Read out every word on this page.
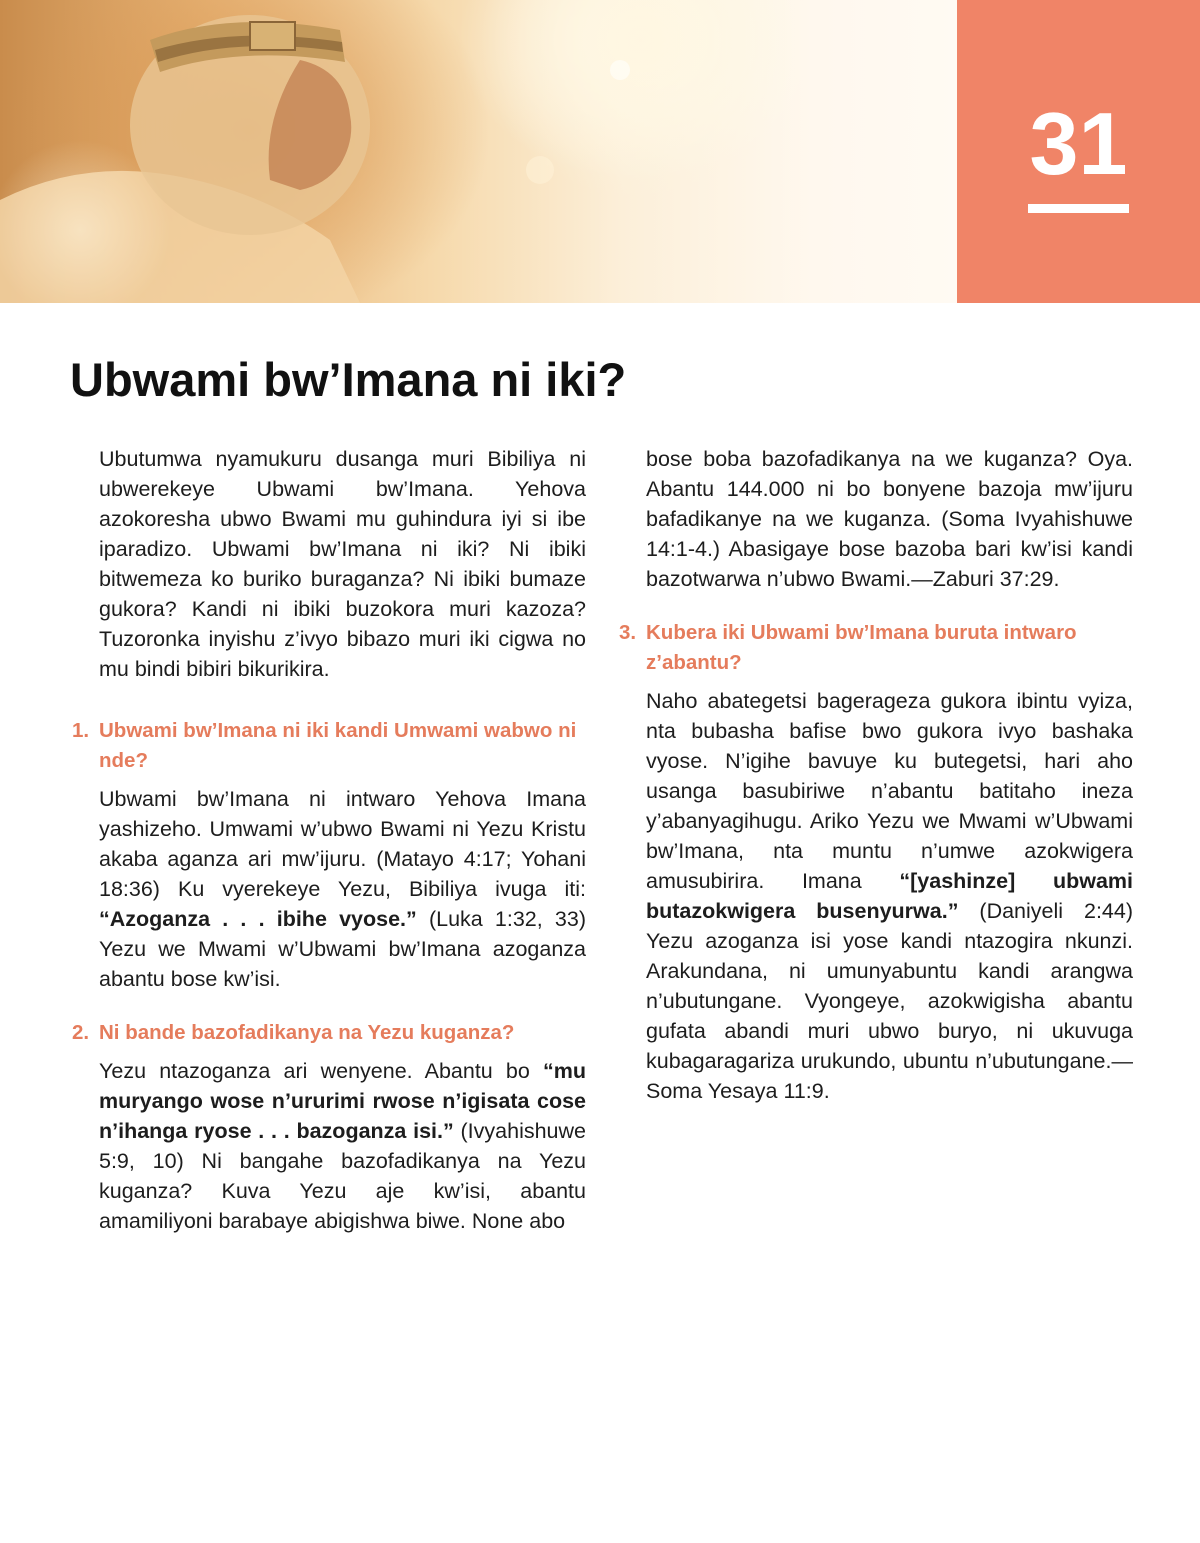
31
Ubwami bw’Imana ni iki?

Ubutumwa nyamukuru dusanga muri Bibiliya ni ubwerekeye Ubwami bw’Imana. Yehova azokoresha ubwo Bwami mu guhindura iyi si ibe iparadizo. Ubwami bw’Imana ni iki? Ni ibiki bitwemeza ko buriko buraganza? Ni ibiki bumaze gukora? Kandi ni ibiki buzokora muri kazoza? Tuzoronka inyishu z’ivyo bibazo muri iki cigwa no mu bindi bibiri bikurikira.

1. Ubwami bw’Imana ni iki kandi Umwami wabwo ni nde?

Ubwami bw’Imana ni intwaro Yehova Imana yashizeho. Umwami w’ubwo Bwami ni Yezu Kristu akaba aganza ari mw’ijuru. (Matayo 4:17; Yohani 18:36) Ku vyerekeye Yezu, Bibiliya ivuga iti: “Azoganza . . . ibihe vyose.” (Luka 1:32, 33) Yezu we Mwami w’Ubwami bw’Imana azoganza abantu bose kw’isi.

2. Ni bande bazofadikanya na Yezu kuganza?

Yezu ntazoganza ari wenyene. Abantu bo “mu muryango wose n’ururimi rwose n’igisata cose n’ihanga ryose . . . bazoganza isi.” (Ivyahishuwe 5:9, 10) Ni bangahe bazofadikanya na Yezu kuganza? Kuva Yezu aje kw’isi, abantu amamiliyoni barabaye abigishwa biwe. None abo

bose boba bazofadikanya na we kuganza? Oya. Abantu 144.000 ni bo bonyene bazoja mw’ijuru bafadikanye na we kuganza. (Soma Ivyahishuwe 14:1-4.) Abasigaye bose bazoba bari kw’isi kandi bazotwarwa n’ubwo Bwami.—Zaburi 37:29.

3. Kubera iki Ubwami bw’Imana buruta intwaro z’abantu?

Naho abategetsi bagerageza gukora ibintu vyiza, nta bubasha bafise bwo gukora ivyo bashaka vyose. N’igihe bavuye ku butegetsi, hari aho usanga basubiriwe n’abantu batitaho ineza y’abanyagihugu. Ariko Yezu we Mwami w’Ubwami bw’Imana, nta muntu n’umwe azokwigera amusubirira. Imana “[yashinze] ubwami butazokwigera busenyurwa.” (Daniyeli 2:44) Yezu azoganza isi yose kandi ntazogira nkunzi. Arakundana, ni umunyabuntu kandi arangwa n’ubutungane. Vyongeye, azokwigisha abantu gufata abandi muri ubwo buryo, ni ukuvuga kubagaragariza urukundo, ubuntu n’ubutungane.—Soma Yesaya 11:9.
